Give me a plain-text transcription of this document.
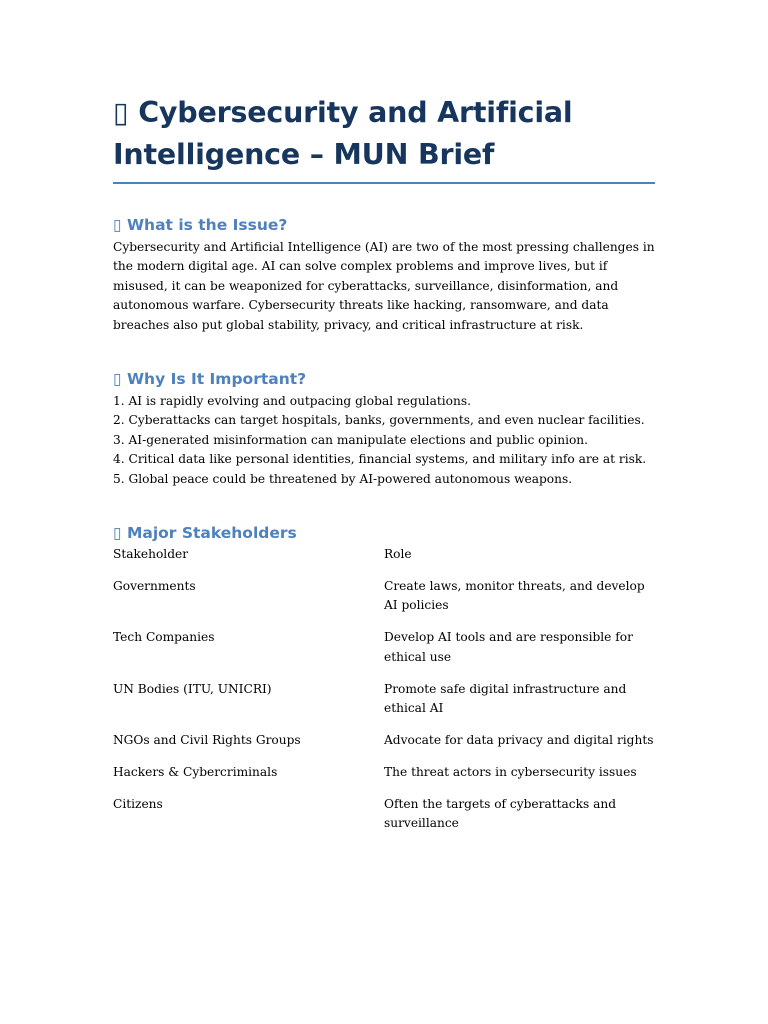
▯ Cybersecurity and Artificial Intelligence – MUN Brief
▯ What is the Issue?

Cybersecurity and Artificial Intelligence (AI) are two of the most pressing challenges in the modern digital age. AI can solve complex problems and improve lives, but if misused, it can be weaponized for cyberattacks, surveillance, disinformation, and autonomous warfare. Cybersecurity threats like hacking, ransomware, and data breaches also put global stability, privacy, and critical infrastructure at risk.

▯ Why Is It Important?
1. AI is rapidly evolving and outpacing global regulations.
2. Cyberattacks can target hospitals, banks, governments, and even nuclear facilities.
3. AI-generated misinformation can manipulate elections and public opinion.
4. Critical data like personal identities, financial systems, and military info are at risk.
5. Global peace could be threatened by AI-powered autonomous weapons.
▯ Major Stakeholders
Stakeholder	Role
Governments	Create laws, monitor threats, and develop AI policies
Tech Companies	Develop AI tools and are responsible for ethical use
UN Bodies (ITU, UNICRI)	Promote safe digital infrastructure and ethical AI
NGOs and Civil Rights Groups	Advocate for data privacy and digital rights
Hackers & Cybercriminals	The threat actors in cybersecurity issues
Citizens	Often the targets of cyberattacks and surveillance
